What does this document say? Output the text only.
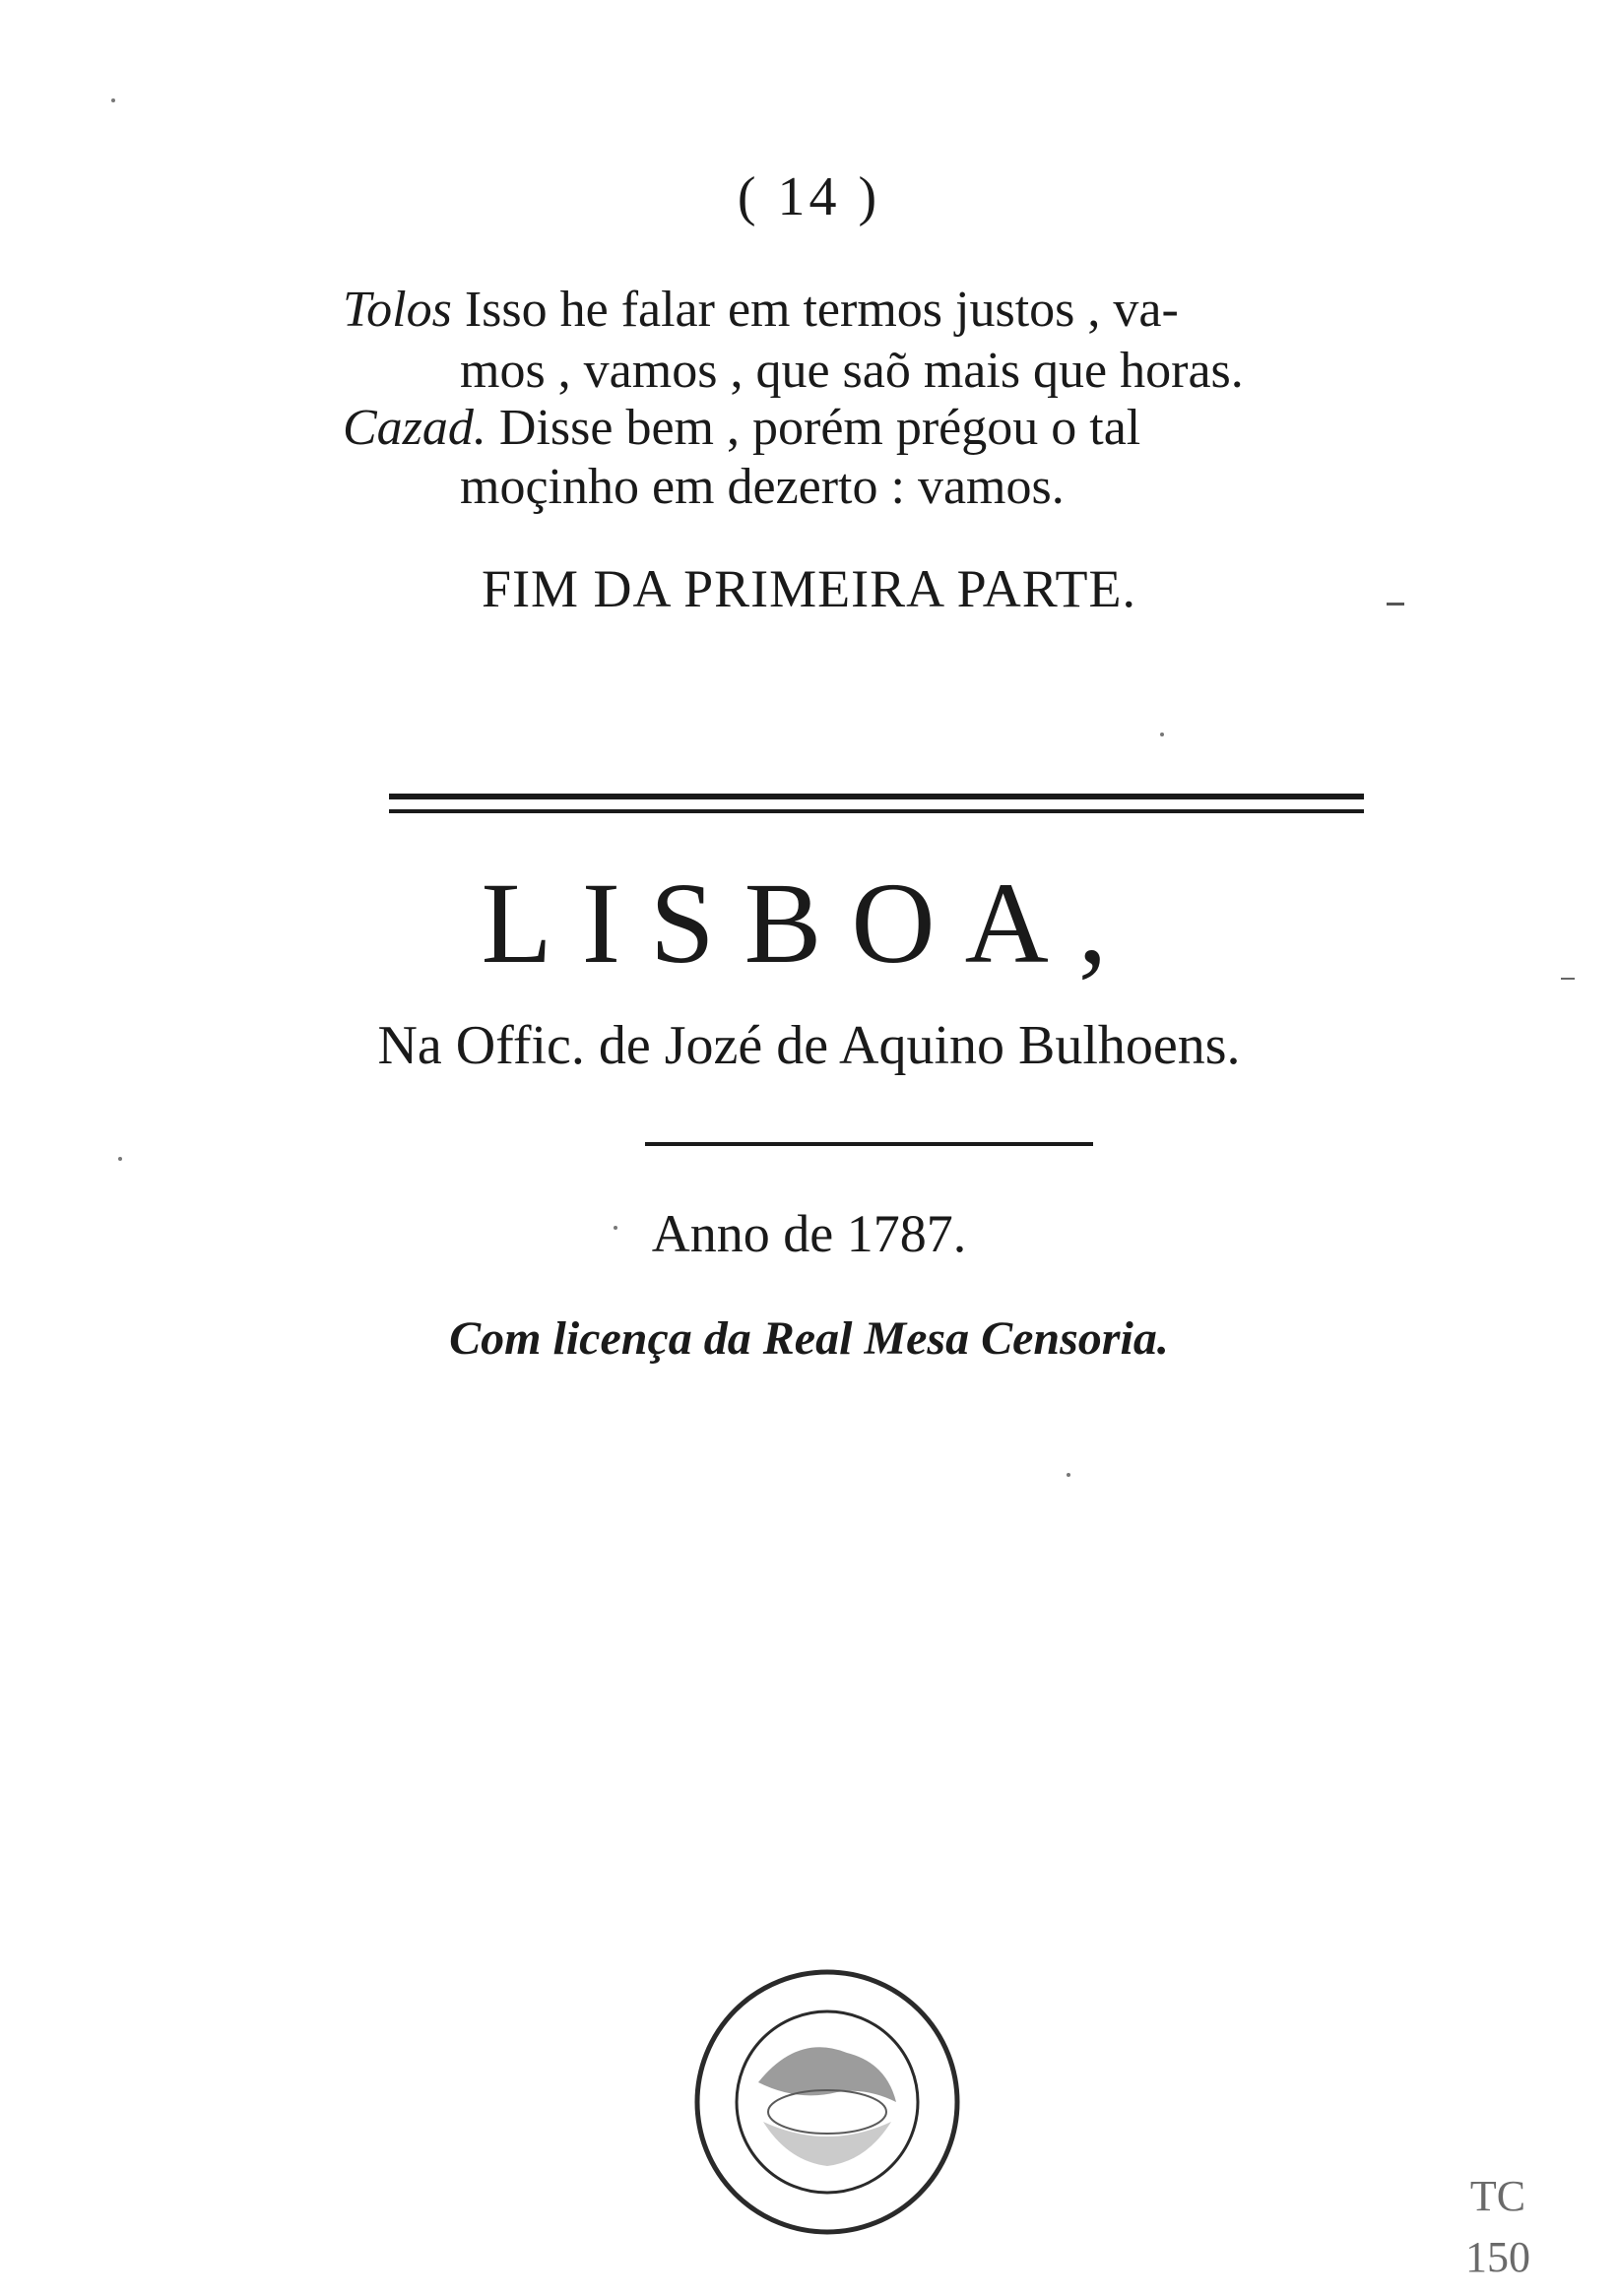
( 14 )
Tolos Isso he falar em termos justos , va-
mos , vamos , que saõ mais que horas.
Cazad. Disse bem , porém prégou o tal
moçinho em dezerto : vamos.
FIM DA PRIMEIRA PARTE.
LISBOA,
Na Offic. de Jozé de Aquino Bulhoens.
Anno de 1787.
Com licença da Real Mesa Censoria.
TC
150
